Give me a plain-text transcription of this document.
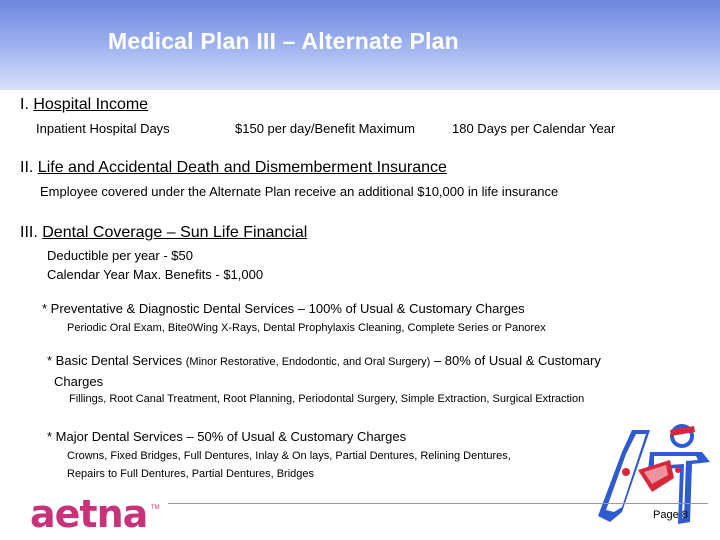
Medical Plan III – Alternate Plan
I. Hospital Income
Inpatient Hospital Days	$150 per day/Benefit Maximum	180 Days per Calendar Year
II. Life and Accidental Death and Dismemberment Insurance
Employee covered under the Alternate Plan receive an additional $10,000 in life insurance
III. Dental Coverage – Sun Life Financial
Deductible per year - $50
Calendar Year Max. Benefits - $1,000
* Preventative & Diagnostic Dental Services – 100% of Usual & Customary Charges
Periodic Oral Exam, Bite0Wing X-Rays, Dental Prophylaxis Cleaning, Complete Series or Panorex
* Basic Dental Services (Minor Restorative, Endodontic, and Oral Surgery) – 80% of Usual & Customary
Charges
Fillings, Root Canal Treatment, Root Planning, Periodontal Surgery, Simple Extraction, Surgical Extraction
* Major Dental Services – 50% of Usual & Customary Charges
Crowns, Fixed Bridges, Full Dentures, Inlay & On lays, Partial Dentures, Relining Dentures,
Repairs to Full Dentures, Partial Dentures, Bridges
aetna TM
Page 8
